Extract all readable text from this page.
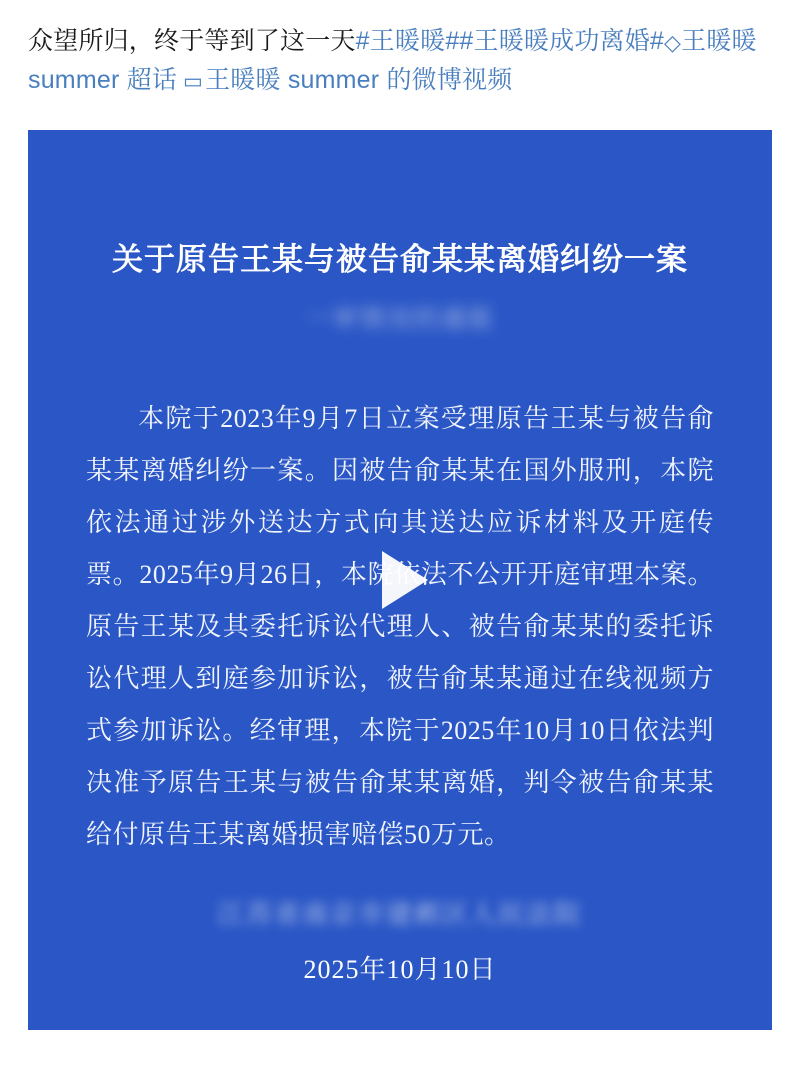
众望所归，终于等到了这一天#王暖暖##王暖暖成功离婚#◇王暖暖 summer 超话 ▭王暖暖 summer 的微博视频
关于原告王某与被告俞某某离婚纠纷一案
一审情况的通报
本院于2023年9月7日立案受理原告王某与被告俞某某离婚纠纷一案。因被告俞某某在国外服刑，本院依法通过涉外送达方式向其送达应诉材料及开庭传票。2025年9月26日，本院依法不公开开庭审理本案。原告王某及其委托诉讼代理人、被告俞某某的委托诉讼代理人到庭参加诉讼，被告俞某某通过在线视频方式参加诉讼。经审理，本院于2025年10月10日依法判决准予原告王某与被告俞某某离婚，判令被告俞某某给付原告王某离婚损害赔偿50万元。
江苏省南京市建邺区人民法院
2025年10月10日
